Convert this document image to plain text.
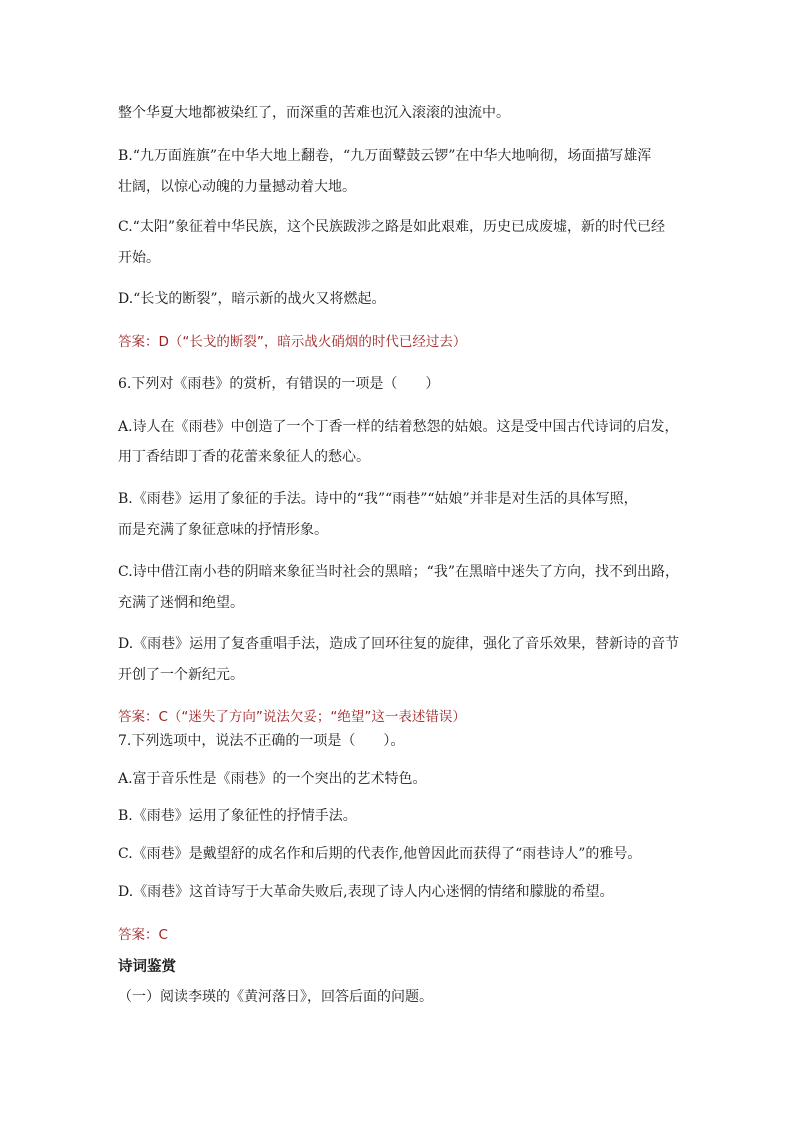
整个华夏大地都被染红了，而深重的苦难也沉入滚滚的浊流中。
B.“九万面旌旗”在中华大地上翻卷，“九万面鼙鼓云锣”在中华大地响彻，场面描写雄浑
壮阔，以惊心动魄的力量撼动着大地。
C.“太阳”象征着中华民族，这个民族跋涉之路是如此艰难，历史已成废墟，新的时代已经
开始。
D.“长戈的断裂”，暗示新的战火又将燃起。
答案：D（“长戈的断裂”，暗示战火硝烟的时代已经过去）
6.下列对《雨巷》的赏析，有错误的一项是（　　）
A.诗人在《雨巷》中创造了一个丁香一样的结着愁怨的姑娘。这是受中国古代诗词的启发，
用丁香结即丁香的花蕾来象征人的愁心。
B.《雨巷》运用了象征的手法。诗中的“我”“雨巷”“姑娘”并非是对生活的具体写照，
而是充满了象征意味的抒情形象。
C.诗中借江南小巷的阴暗来象征当时社会的黑暗；“我”在黑暗中迷失了方向，找不到出路，
充满了迷惘和绝望。
D.《雨巷》运用了复沓重唱手法，造成了回环往复的旋律，强化了音乐效果，替新诗的音节
开创了一个新纪元。
答案：C（“迷失了方向”说法欠妥；“绝望”这一表述错误）
7.下列选项中，说法不正确的一项是（　　）。
A.富于音乐性是《雨巷》的一个突出的艺术特色。
B.《雨巷》运用了象征性的抒情手法。
C.《雨巷》是戴望舒的成名作和后期的代表作,他曾因此而获得了“雨巷诗人”的雅号。
D.《雨巷》这首诗写于大革命失败后,表现了诗人内心迷惘的情绪和朦胧的希望。
答案：C
诗词鉴赏
（一）阅读李瑛的《黄河落日》，回答后面的问题。
